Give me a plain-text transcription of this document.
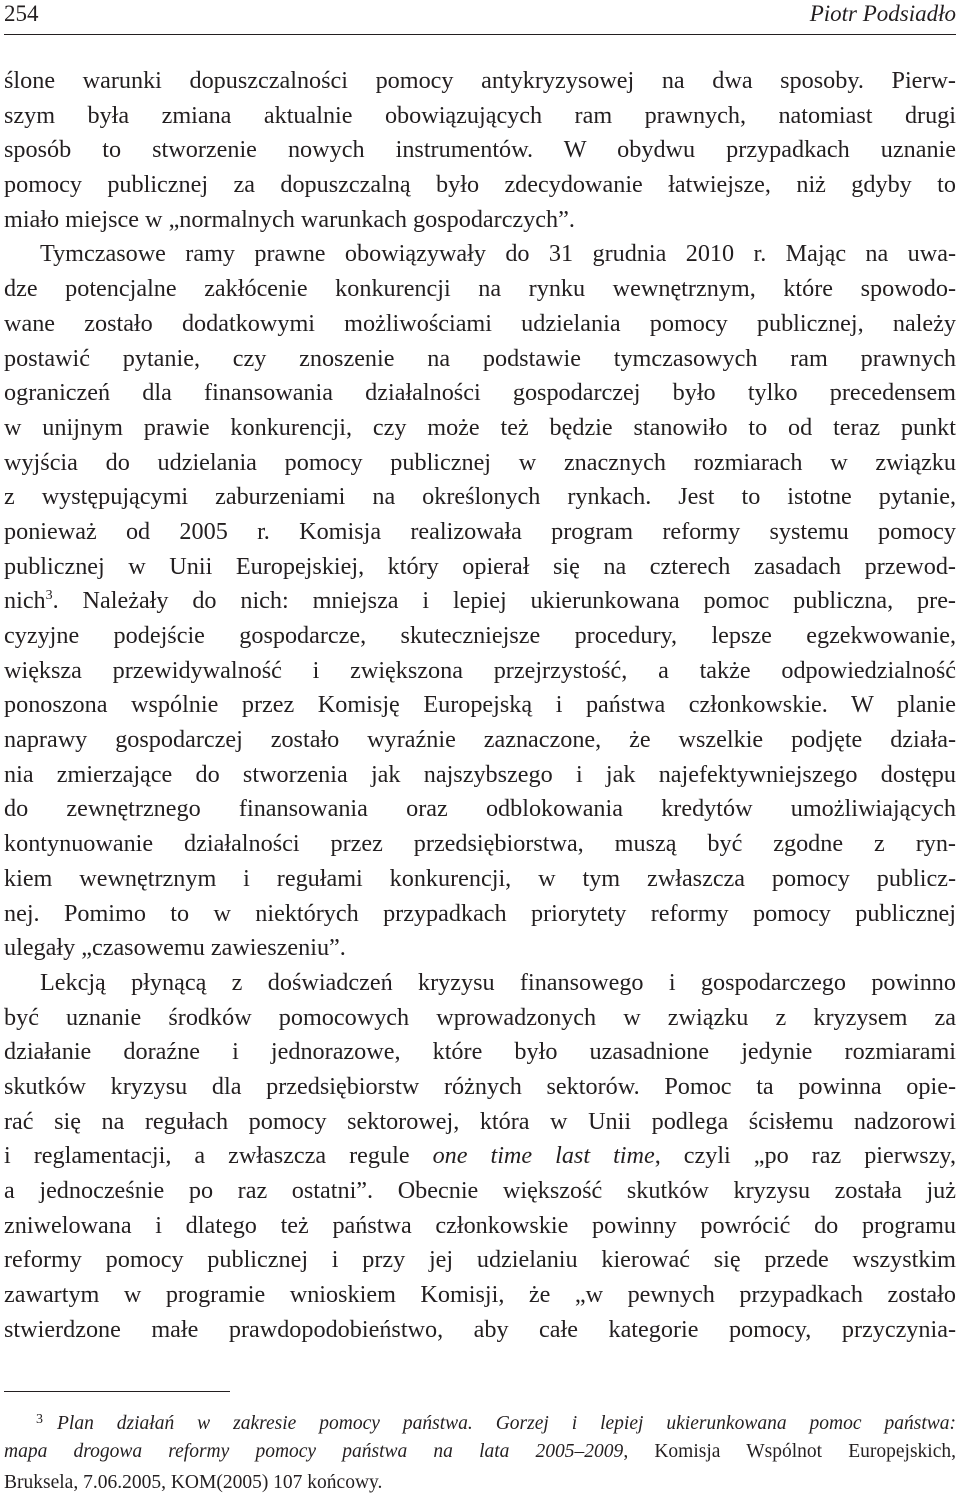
254	Piotr Podsiadło
ślone warunki dopuszczalności pomocy antykryzysowej na dwa sposoby. Pierw-
szym była zmiana aktualnie obowiązujących ram prawnych, natomiast drugi
sposób to stworzenie nowych instrumentów. W obydwu przypadkach uznanie
pomocy publicznej za dopuszczalną było zdecydowanie łatwiejsze, niż gdyby to
miało miejsce w „normalnych warunkach gospodarczych”.
Tymczasowe ramy prawne obowiązywały do 31 grudnia 2010 r. Mając na uwa-
dze potencjalne zakłócenie konkurencji na rynku wewnętrznym, które spowodo-
wane zostało dodatkowymi możliwościami udzielania pomocy publicznej, należy
postawić pytanie, czy znoszenie na podstawie tymczasowych ram prawnych
ograniczeń dla finansowania działalności gospodarczej było tylko precedensem
w unijnym prawie konkurencji, czy może też będzie stanowiło to od teraz punkt
wyjścia do udzielania pomocy publicznej w znacznych rozmiarach w związku
z występującymi zaburzeniami na określonych rynkach. Jest to istotne pytanie,
ponieważ od 2005 r. Komisja realizowała program reformy systemu pomocy
publicznej w Unii Europejskiej, który opierał się na czterech zasadach przewod-
nich$^3$. Należały do nich: mniejsza i lepiej ukierunkowana pomoc publiczna, pre-
cyzyjne podejście gospodarcze, skuteczniejsze procedury, lepsze egzekwowanie,
większa przewidywalność i zwiększona przejrzystość, a także odpowiedzialność
ponoszona wspólnie przez Komisję Europejską i państwa członkowskie. W planie
naprawy gospodarczej zostało wyraźnie zaznaczone, że wszelkie podjęte działa-
nia zmierzające do stworzenia jak najszybszego i jak najefektywniejszego dostępu
do zewnętrznego finansowania oraz odblokowania kredytów umożliwiających
kontynuowanie działalności przez przedsiębiorstwa, muszą być zgodne z ryn-
kiem wewnętrznym i regułami konkurencji, w tym zwłaszcza pomocy publicz-
nej. Pomimo to w niektórych przypadkach priorytety reformy pomocy publicznej
ulegały „czasowemu zawieszeniu”.
Lekcją płynącą z doświadczeń kryzysu finansowego i gospodarczego powinno
być uznanie środków pomocowych wprowadzonych w związku z kryzysem za
działanie doraźne i jednorazowe, które było uzasadnione jedynie rozmiarami
skutków kryzysu dla przedsiębiorstw różnych sektorów. Pomoc ta powinna opie-
rać się na regułach pomocy sektorowej, która w Unii podlega ścisłemu nadzorowi
i reglamentacji, a zwłaszcza regule one time last time, czyli „po raz pierwszy,
a jednocześnie po raz ostatni”. Obecnie większość skutków kryzysu została już
zniwelowana i dlatego też państwa członkowskie powinny powrócić do programu
reformy pomocy publicznej i przy jej udzielaniu kierować się przede wszystkim
zawartym w programie wnioskiem Komisji, że „w pewnych przypadkach zostało
stwierdzone małe prawdopodobieństwo, aby całe kategorie pomocy, przyczynia-
$^3$ Plan działań w zakresie pomocy państwa. Gorzej i lepiej ukierunkowana pomoc państwa:
mapa drogowa reformy pomocy państwa na lata 2005–2009, Komisja Wspólnot Europejskich,
Bruksela, 7.06.2005, KOM(2005) 107 końcowy.
